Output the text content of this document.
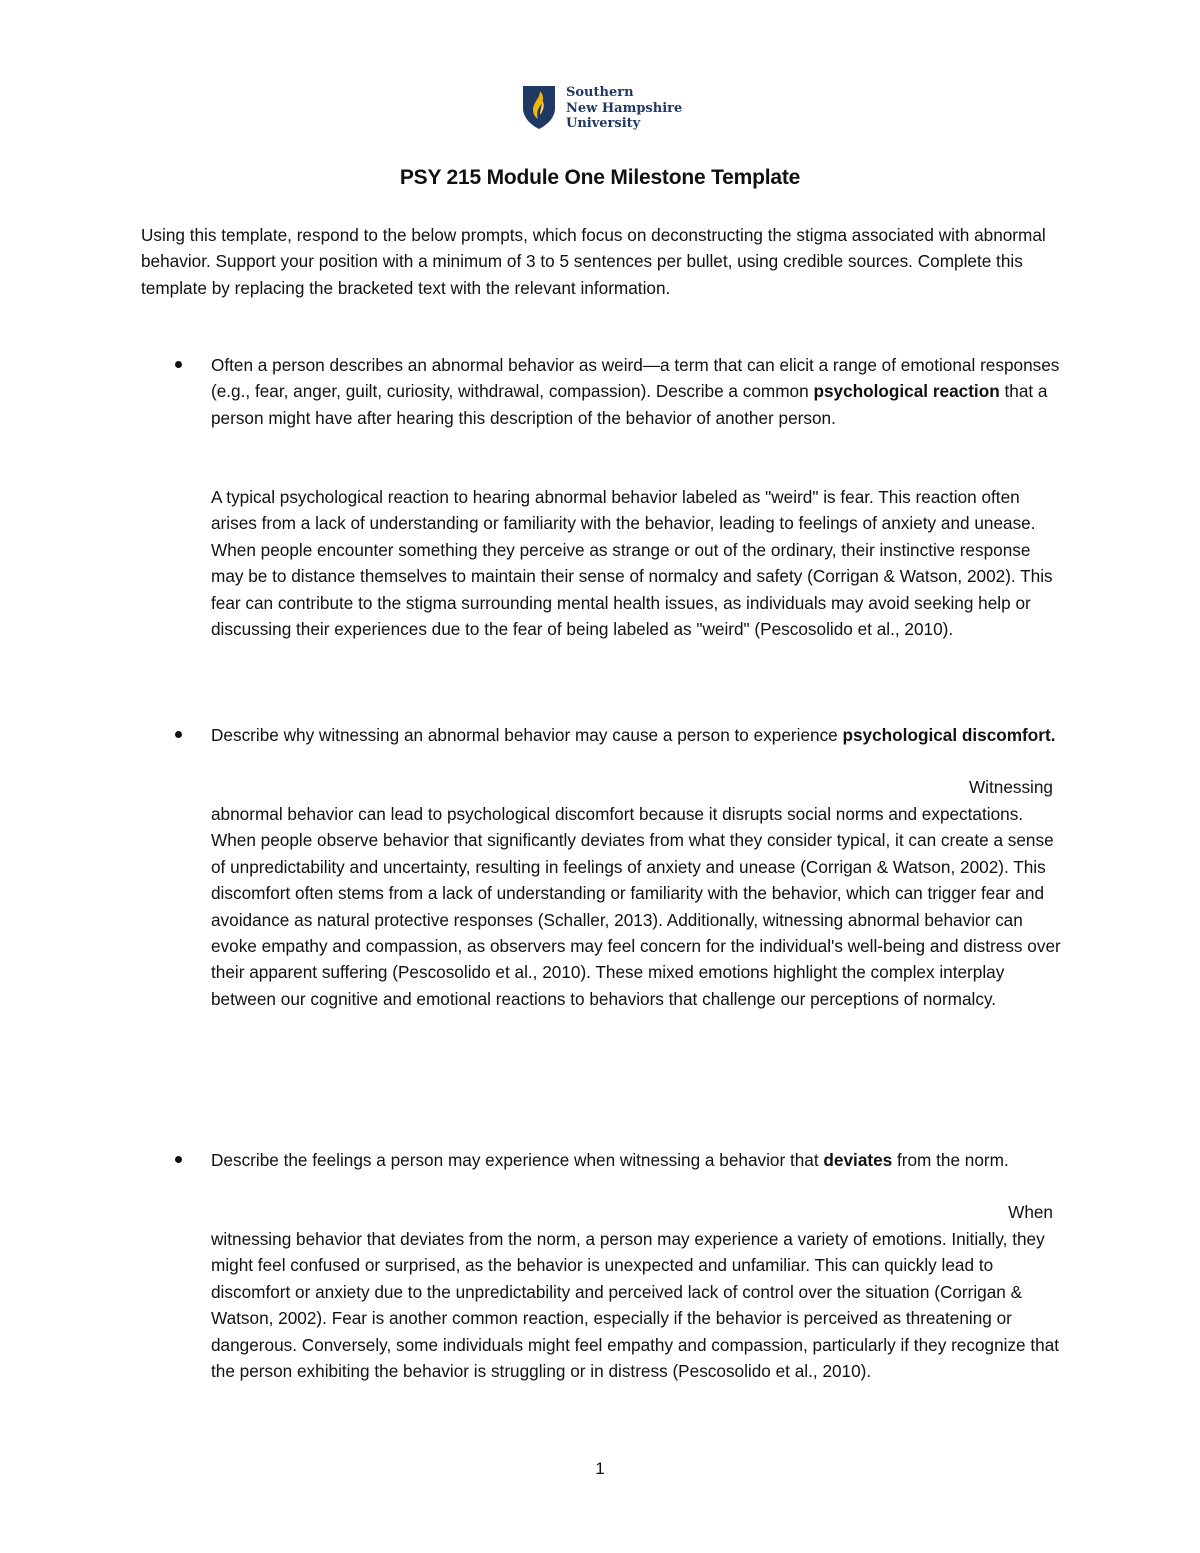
Southern
New Hampshire
University
PSY 215 Module One Milestone Template
Using this template, respond to the below prompts, which focus on deconstructing the stigma associated with abnormal behavior. Support your position with a minimum of 3 to 5 sentences per bullet, using credible sources. Complete this template by replacing the bracketed text with the relevant information.
Often a person describes an abnormal behavior as weird—a term that can elicit a range of emotional responses (e.g., fear, anger, guilt, curiosity, withdrawal, compassion). Describe a common psychological reaction that a person might have after hearing this description of the behavior of another person.
A typical psychological reaction to hearing abnormal behavior labeled as "weird" is fear. This reaction often arises from a lack of understanding or familiarity with the behavior, leading to feelings of anxiety and unease. When people encounter something they perceive as strange or out of the ordinary, their instinctive response may be to distance themselves to maintain their sense of normalcy and safety (Corrigan & Watson, 2002). This fear can contribute to the stigma surrounding mental health issues, as individuals may avoid seeking help or discussing their experiences due to the fear of being labeled as "weird" (Pescosolido et al., 2010).
Describe why witnessing an abnormal behavior may cause a person to experience psychological discomfort.
Witnessing
abnormal behavior can lead to psychological discomfort because it disrupts social norms and expectations. When people observe behavior that significantly deviates from what they consider typical, it can create a sense of unpredictability and uncertainty, resulting in feelings of anxiety and unease (Corrigan & Watson, 2002). This discomfort often stems from a lack of understanding or familiarity with the behavior, which can trigger fear and avoidance as natural protective responses (Schaller, 2013). Additionally, witnessing abnormal behavior can evoke empathy and compassion, as observers may feel concern for the individual's well-being and distress over their apparent suffering (Pescosolido et al., 2010). These mixed emotions highlight the complex interplay between our cognitive and emotional reactions to behaviors that challenge our perceptions of normalcy.
Describe the feelings a person may experience when witnessing a behavior that deviates from the norm.
When
witnessing behavior that deviates from the norm, a person may experience a variety of emotions. Initially, they might feel confused or surprised, as the behavior is unexpected and unfamiliar. This can quickly lead to discomfort or anxiety due to the unpredictability and perceived lack of control over the situation (Corrigan & Watson, 2002). Fear is another common reaction, especially if the behavior is perceived as threatening or dangerous. Conversely, some individuals might feel empathy and compassion, particularly if they recognize that the person exhibiting the behavior is struggling or in distress (Pescosolido et al., 2010).
1
